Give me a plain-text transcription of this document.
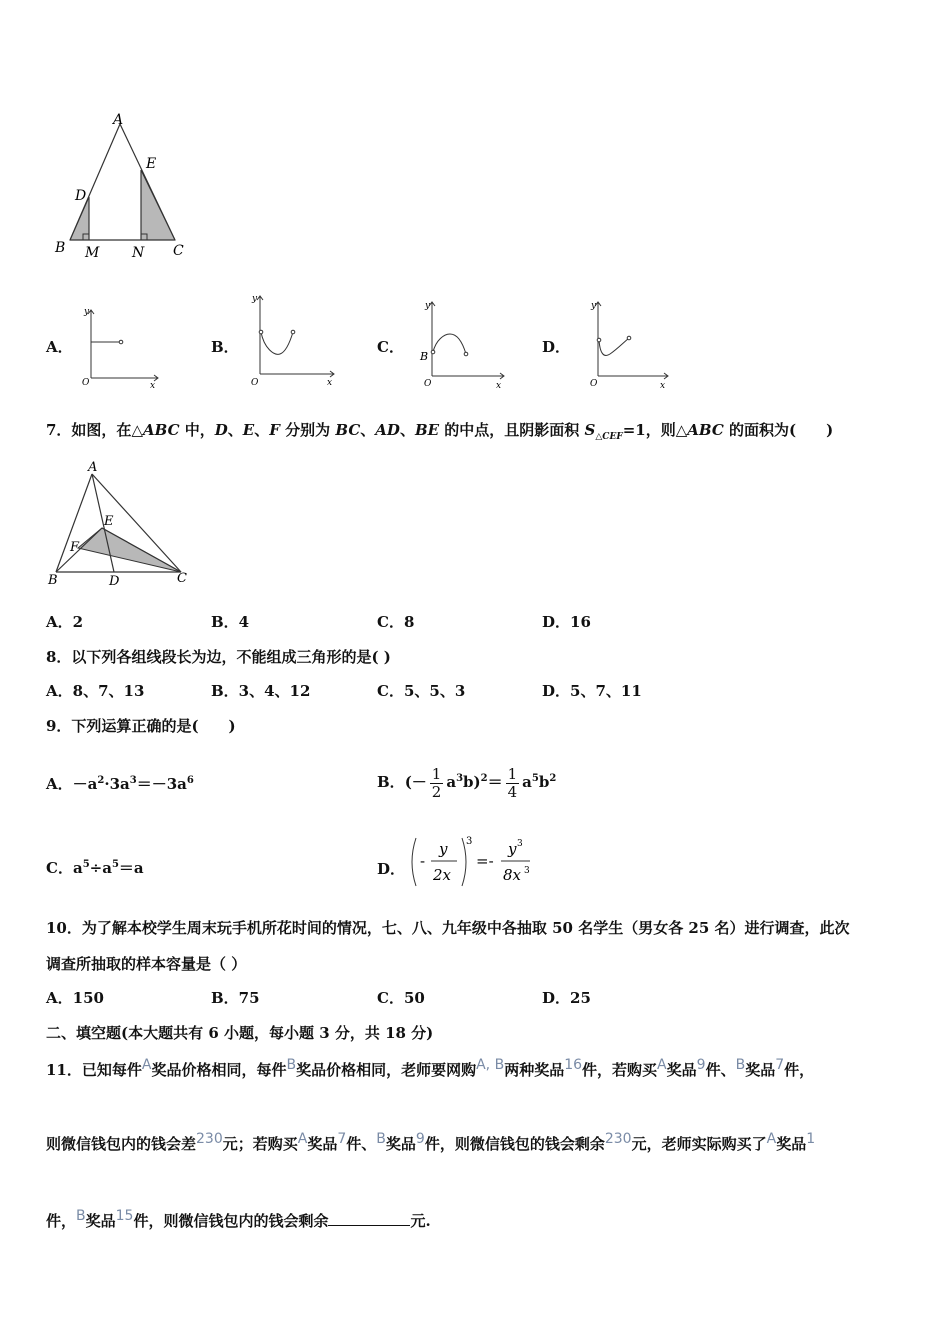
A
E
D
B M N C
A．
y
O	x
B．
y
O	x
C．
y
B
O	x
D．
y
O	x
7．如图，在△ABC 中，D、E、F 分别为 BC、AD、BE 的中点，且阴影面积 $S_{\triangle CEF}=1$，则△ABC 的面积为(　　)
A
E
F
B	D	C
A．2	B．4	C．8	D．16
8．以下列各组线段长为边，不能组成三角形的是( )
A．8、7、13	B．3、4、12	C．5、5、3	D．5、7、11
9．下列运算正确的是(　　)
A．$-a^2\cdot 3a^3=-3a^6$	B．(－ $\frac{1}{2} a^3b)^2= \frac{1}{4} a^5b^2$
C．$a^5\div a^5=a$	D． -
y
2x
3
=-
y 3
8x 3
10．为了解本校学生周末玩手机所花时间的情况，七、八、九年级中各抽取 50 名学生（男女各 25 名）进行调查，此次
调查所抽取的样本容量是（ ）
A．150	B．75	C．50	D．25
二、填空题(本大题共有 6 小题，每小题 3 分，共 18 分)
11．已知每件A奖品价格相同，每件B奖品价格相同，老师要网购A, B两种奖品16件，若购买A奖品9件、B奖品7件，
则微信钱包内的钱会差230元；若购买A奖品7件、B奖品9件，则微信钱包的钱会剩余230元，老师实际购买了A奖品1
件，B奖品15件，则微信钱包内的钱会剩余	元.
